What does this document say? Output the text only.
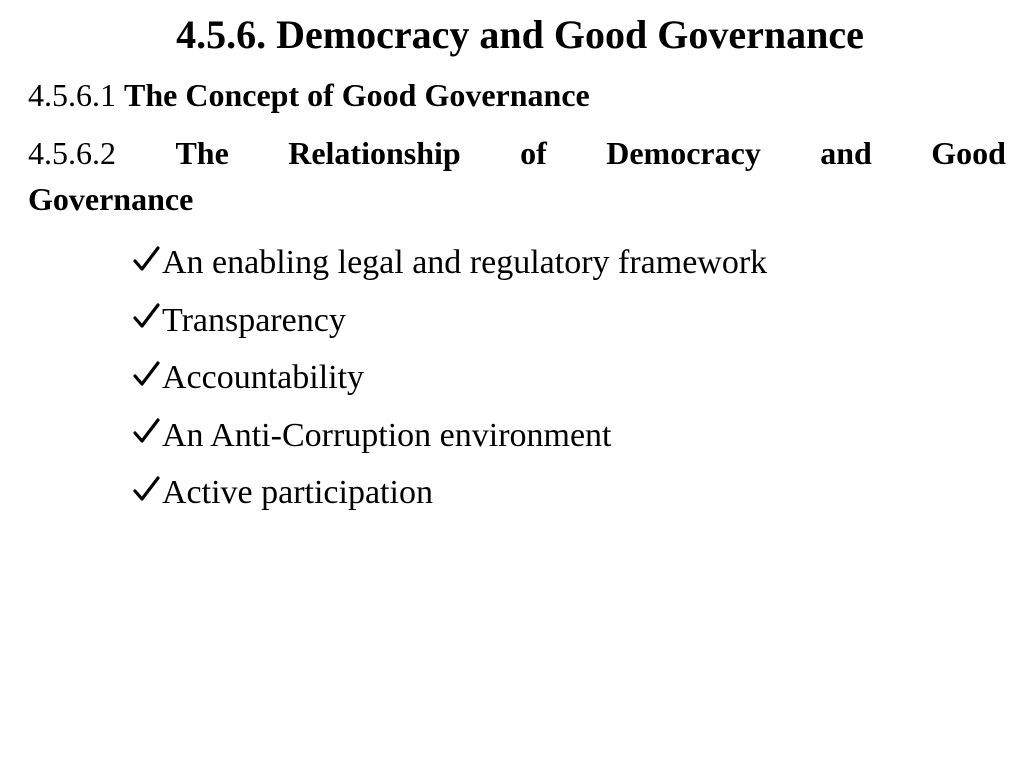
4.5.6. Democracy and Good Governance
4.5.6.1 The Concept of Good Governance
4.5.6.2 The Relationship of Democracy and Good
Governance
An enabling legal and regulatory framework
Transparency
Accountability
An Anti-Corruption environment
Active participation
